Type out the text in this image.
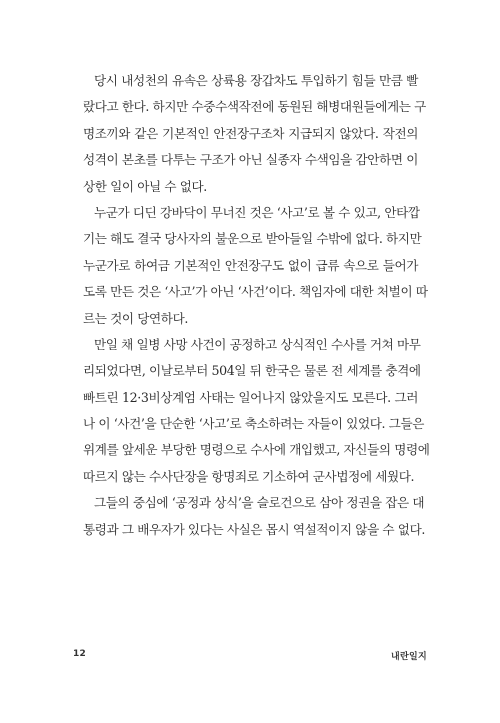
당시 내성천의 유속은 상륙용 장갑차도 투입하기 힘들 만큼 빨
랐다고 한다. 하지만 수중수색작전에 동원된 해병대원들에게는 구
명조끼와 같은 기본적인 안전장구조차 지급되지 않았다. 작전의
성격이 본초를 다투는 구조가 아닌 실종자 수색임을 감안하면 이
상한 일이 아닐 수 없다.
누군가 디딘 강바닥이 무너진 것은 ‘사고’로 볼 수 있고, 안타깝
기는 해도 결국 당사자의 불운으로 받아들일 수밖에 없다. 하지만
누군가로 하여금 기본적인 안전장구도 없이 급류 속으로 들어가
도록 만든 것은 ‘사고’가 아닌 ‘사건’이다. 책임자에 대한 처벌이 따
르는 것이 당연하다.
만일 채 일병 사망 사건이 공정하고 상식적인 수사를 거쳐 마무
리되었다면, 이날로부터 504일 뒤 한국은 물론 전 세계를 충격에
빠트린 12·3비상계엄 사태는 일어나지 않았을지도 모른다. 그러
나 이 ‘사건’을 단순한 ‘사고’로 축소하려는 자들이 있었다. 그들은
위계를 앞세운 부당한 명령으로 수사에 개입했고, 자신들의 명령에
따르지 않는 수사단장을 항명죄로 기소하여 군사법정에 세웠다.
그들의 중심에 ‘공정과 상식’을 슬로건으로 삼아 정권을 잡은 대
통령과 그 배우자가 있다는 사실은 몹시 역설적이지 않을 수 없다.
12	내란일지
